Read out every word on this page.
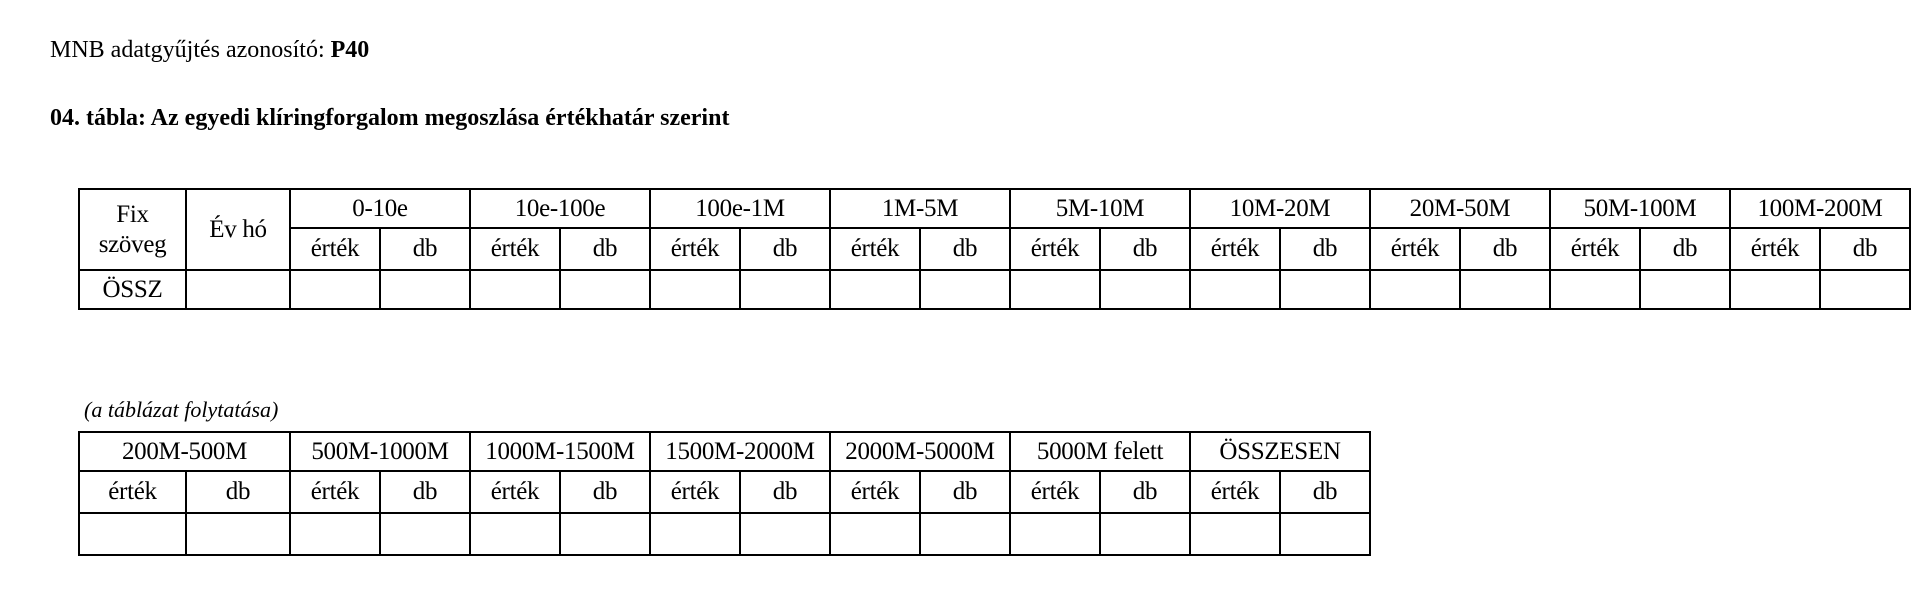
MNB adatgyűjtés azonosító: P40
04. tábla: Az egyedi klíringforgalom megoszlása értékhatár szerint
Fix
szöveg	Év hó	0-10e		10e-100e		100e-1M		1M-5M		5M-10M		10M-20M		20M-50M		50M-100M		100M-200M	
		érték	db	érték	db	érték	db	érték	db	érték	db	érték	db	érték	db	érték	db	érték	db
ÖSSZ																			
(a táblázat folytatása)
200M-500M		500M-1000M		1000M-1500M		1500M-2000M		2000M-5000M		5000M felett		ÖSSZESEN	
érték	db	érték	db	érték	db	érték	db	érték	db	érték	db	érték	db
